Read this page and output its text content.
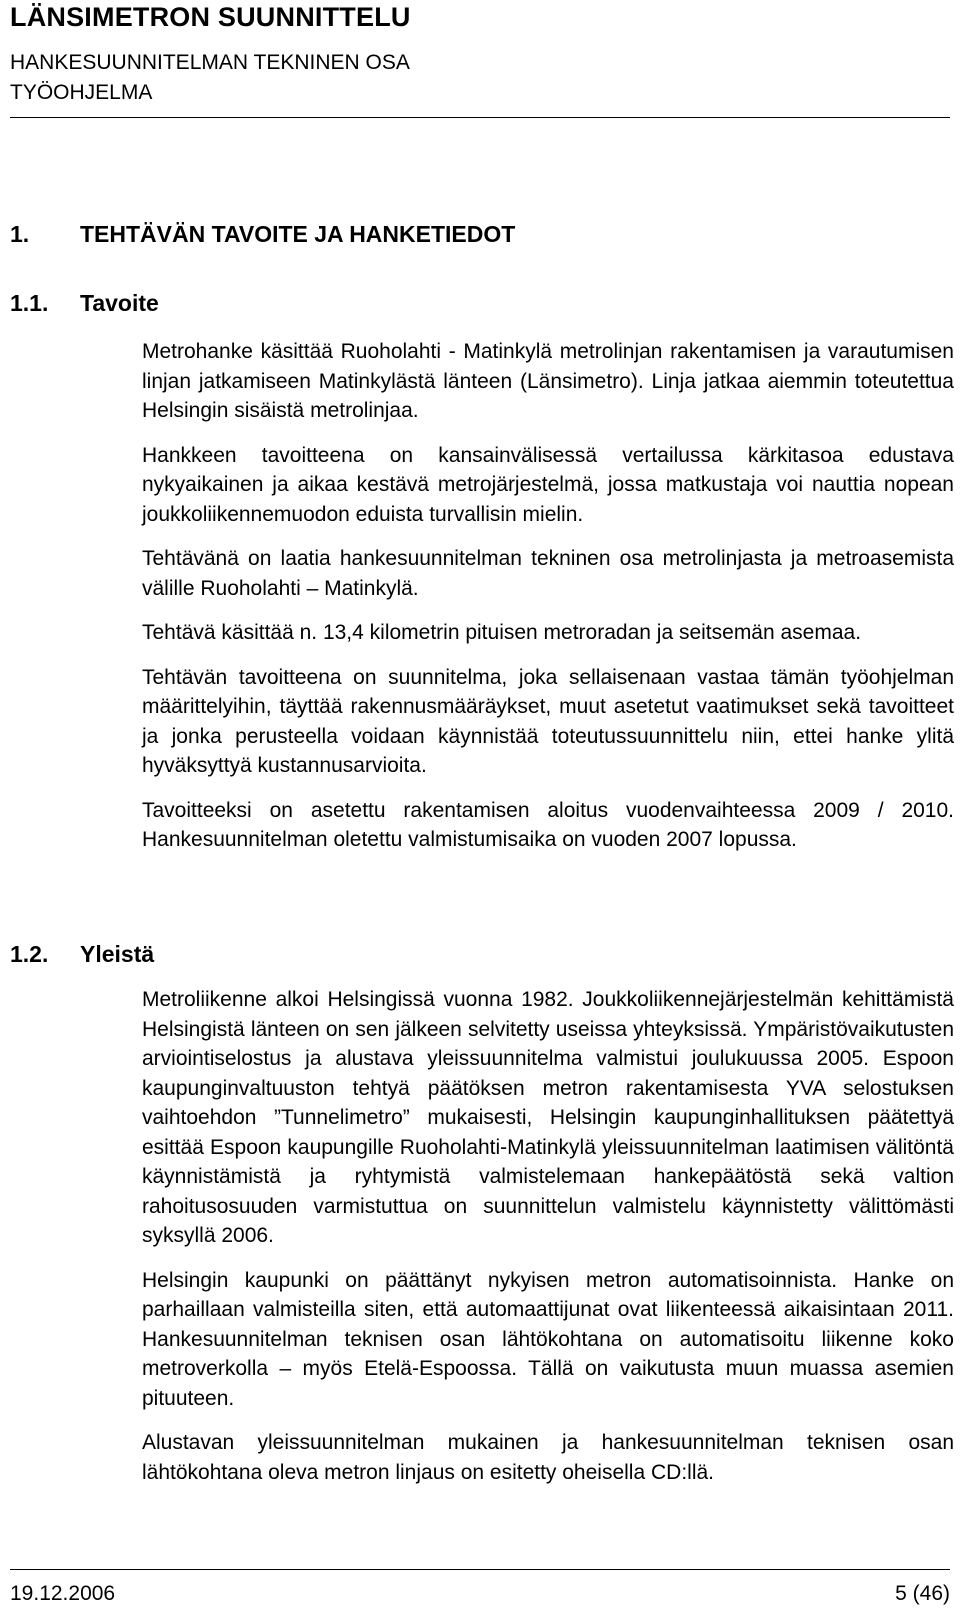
LÄNSIMETRON SUUNNITTELU
HANKESUUNNITELMAN TEKNINEN OSA
TYÖOHJELMA
1. TEHTÄVÄN TAVOITE JA HANKETIEDOT
1.1. Tavoite

Metrohanke käsittää Ruoholahti - Matinkylä metrolinjan rakentamisen ja varautumisen linjan jatkamiseen Matinkylästä länteen (Länsimetro). Linja jatkaa aiemmin toteutettua Helsingin sisäistä metrolinjaa.

Hankkeen tavoitteena on kansainvälisessä vertailussa kärkitasoa edustava nykyaikainen ja aikaa kestävä metrojärjestelmä, jossa matkustaja voi nauttia nopean joukkoliikennemuodon eduista turvallisin mielin.

Tehtävänä on laatia hankesuunnitelman tekninen osa metrolinjasta ja metroasemista välille Ruoholahti – Matinkylä.

Tehtävä käsittää n. 13,4 kilometrin pituisen metroradan ja seitsemän asemaa.

Tehtävän tavoitteena on suunnitelma, joka sellaisenaan vastaa tämän työohjelman määrittelyihin, täyttää rakennusmääräykset, muut asetetut vaatimukset sekä tavoitteet ja jonka perusteella voidaan käynnistää toteutussuunnittelu niin, ettei hanke ylitä hyväksyttyä kustannusarvioita.

Tavoitteeksi on asetettu rakentamisen aloitus vuodenvaihteessa 2009 / 2010. Hankesuunnitelman oletettu valmistumisaika on vuoden 2007 lopussa.

1.2. Yleistä

Metroliikenne alkoi Helsingissä vuonna 1982. Joukkoliikennejärjestelmän kehittämistä Helsingistä länteen on sen jälkeen selvitetty useissa yhteyksissä. Ympäristövaikutusten arviointiselostus ja alustava yleissuunnitelma valmistui joulukuussa 2005. Espoon kaupunginvaltuuston tehtyä päätöksen metron rakentamisesta YVA selostuksen vaihtoehdon ”Tunnelimetro” mukaisesti, Helsingin kaupunginhallituksen päätettyä esittää Espoon kaupungille Ruoholahti-Matinkylä yleissuunnitelman laatimisen välitöntä käynnistämistä ja ryhtymistä valmistelemaan hankepäätöstä sekä valtion rahoitusosuuden varmistuttua on suunnittelun valmistelu käynnistetty välittömästi syksyllä 2006.

Helsingin kaupunki on päättänyt nykyisen metron automatisoinnista. Hanke on parhaillaan valmisteilla siten, että automaattijunat ovat liikenteessä aikaisintaan 2011. Hankesuunnitelman teknisen osan lähtökohtana on automatisoitu liikenne koko metroverkolla – myös Etelä-Espoossa. Tällä on vaikutusta muun muassa asemien pituuteen.

Alustavan yleissuunnitelman mukainen ja hankesuunnitelman teknisen osan lähtökohtana oleva metron linjaus on esitetty oheisella CD:llä.

19.12.2006	5 (46)
